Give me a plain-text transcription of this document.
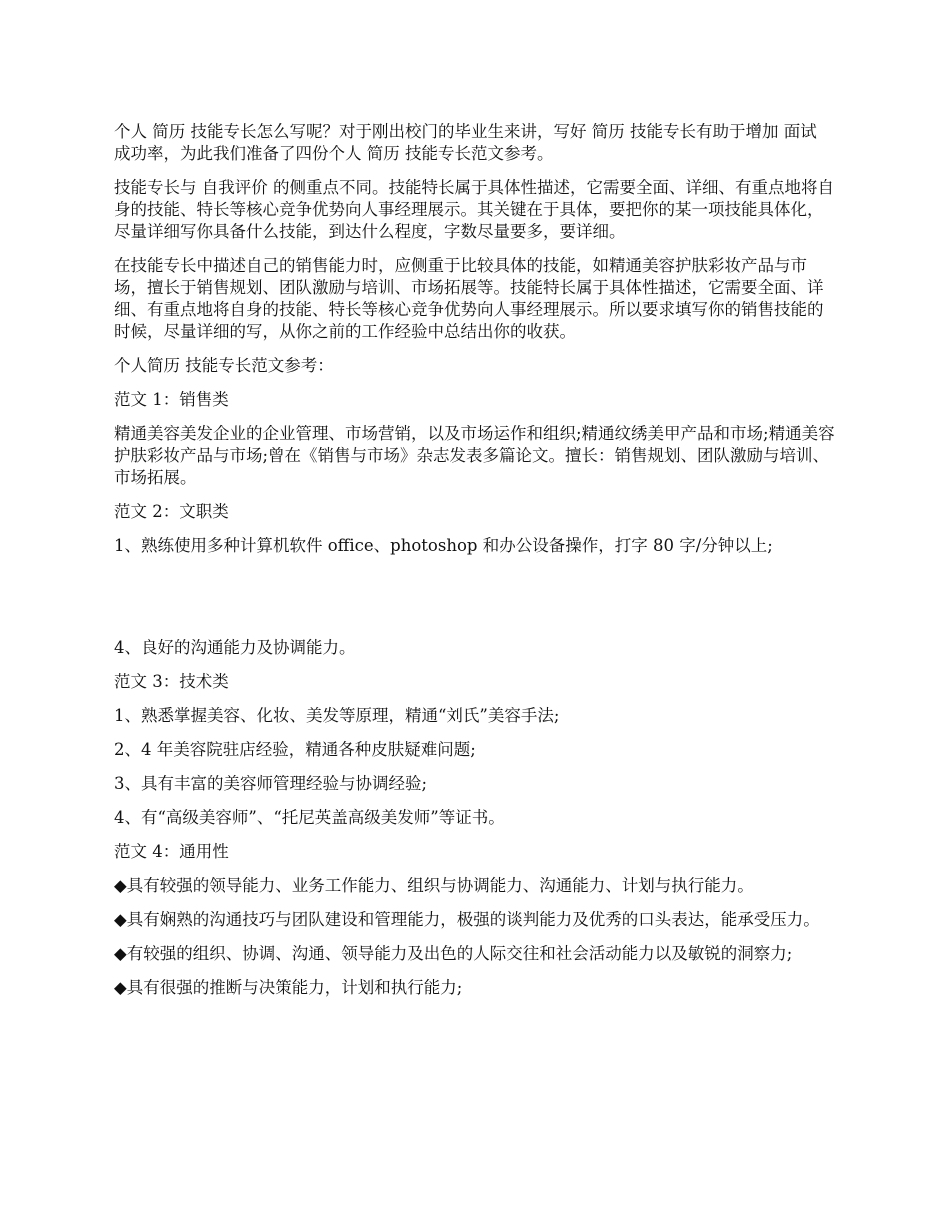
个人 简历 技能专长怎么写呢？对于刚出校门的毕业生来讲，写好 简历 技能专长有助于增加 面试 成功率，为此我们准备了四份个人 简历 技能专长范文参考。

技能专长与 自我评价 的侧重点不同。技能特长属于具体性描述，它需要全面、详细、有重点地将自身的技能、特长等核心竞争优势向人事经理展示。其关键在于具体，要把你的某一项技能具体化，尽量详细写你具备什么技能，到达什么程度，字数尽量要多，要详细。

在技能专长中描述自己的销售能力时，应侧重于比较具体的技能，如精通美容护肤彩妆产品与市场，擅长于销售规划、团队激励与培训、市场拓展等。技能特长属于具体性描述，它需要全面、详细、有重点地将自身的技能、特长等核心竞争优势向人事经理展示。所以要求填写你的销售技能的时候，尽量详细的写，从你之前的工作经验中总结出你的收获。

个人简历 技能专长范文参考：

范文 1：销售类

精通美容美发企业的企业管理、市场营销，以及市场运作和组织;精通纹绣美甲产品和市场;精通美容护肤彩妆产品与市场;曾在《销售与市场》杂志发表多篇论文。擅长：销售规划、团队激励与培训、市场拓展。

范文 2：文职类

1、熟练使用多种计算机软件 office、photoshop 和办公设备操作，打字 80 字/分钟以上;

4、良好的沟通能力及协调能力。

范文 3：技术类

1、熟悉掌握美容、化妆、美发等原理，精通“刘氏”美容手法;

2、4 年美容院驻店经验，精通各种皮肤疑难问题;

3、具有丰富的美容师管理经验与协调经验;

4、有“高级美容师”、“托尼英盖高级美发师”等证书。

范文 4：通用性

◆具有较强的领导能力、业务工作能力、组织与协调能力、沟通能力、计划与执行能力。

◆具有娴熟的沟通技巧与团队建设和管理能力，极强的谈判能力及优秀的口头表达，能承受压力。

◆有较强的组织、协调、沟通、领导能力及出色的人际交往和社会活动能力以及敏锐的洞察力;

◆具有很强的推断与决策能力，计划和执行能力;
